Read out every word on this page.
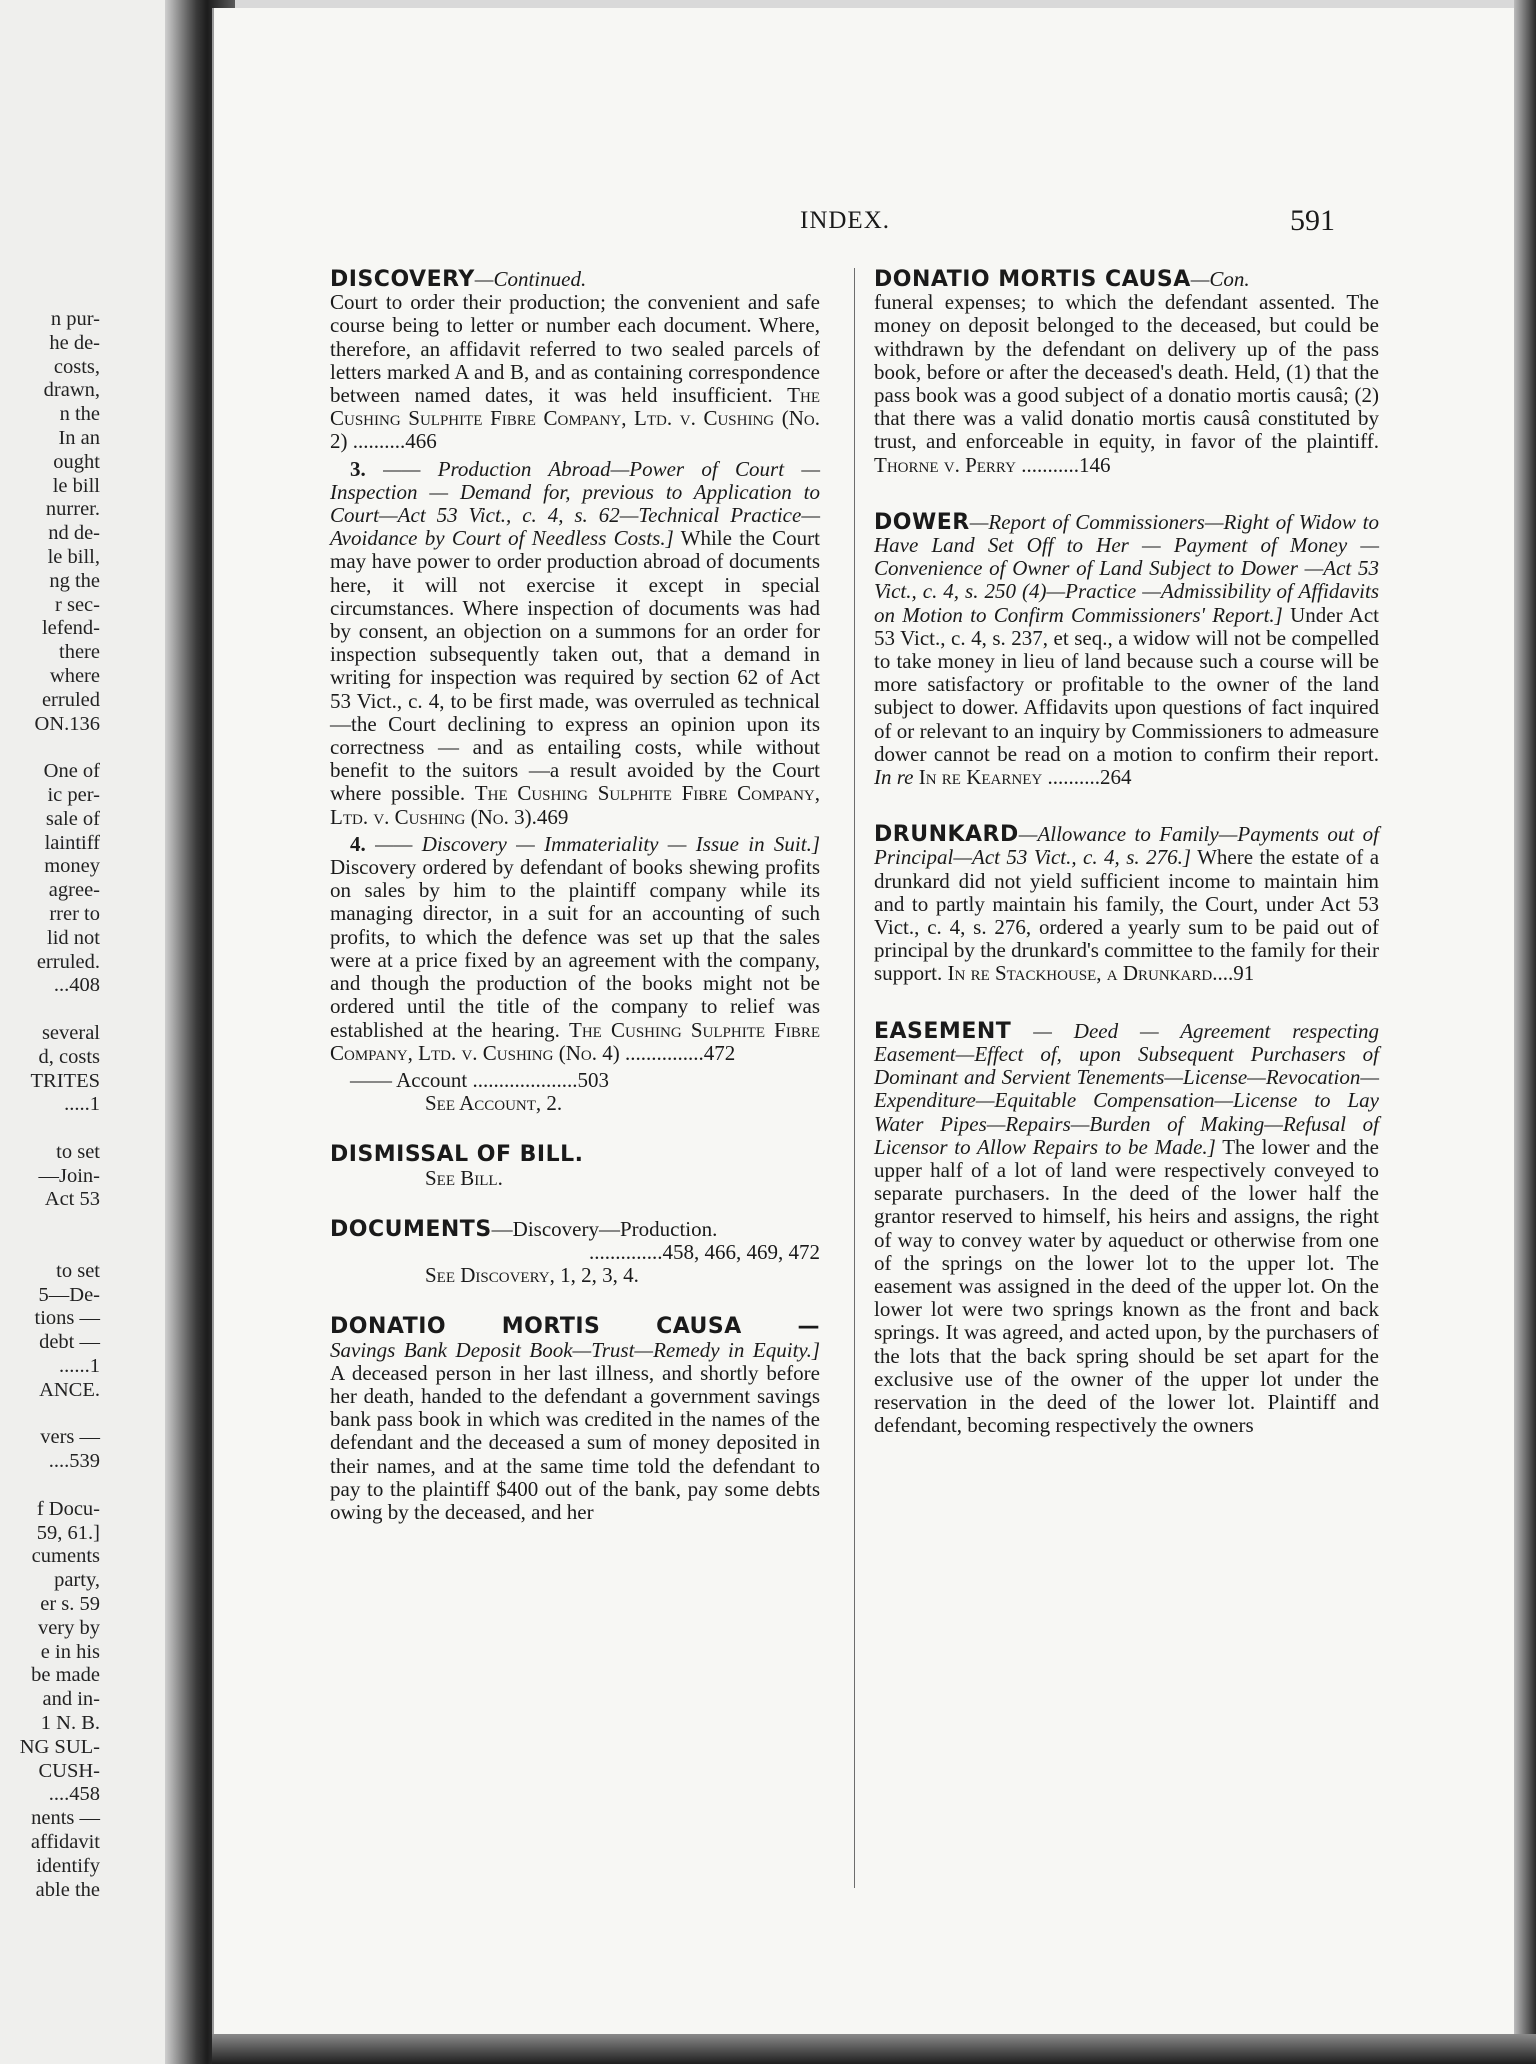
n pur-
he de-
costs,
drawn,
n the
In an
ought
le bill
nurrer.
nd de-
le bill,
ng the
r sec-
lefend-
there
where
erruled
ON.136

One of
ic per-
sale of
laintiff
money
agree-
rrer to
lid not
erruled.
...408

several
d, costs
TRITES
.....1

to set
—Join-
Act 53

to set
5—De-
tions —
debt —
......1
ANCE.

vers —
....539

f Docu-
59, 61.]
cuments
party,
er s. 59
very by
e in his
be made
and in-
1 N. B.
NG SUL-
CUSH-
....458
nents —
affidavit
identify
able the
INDEX.	591

DISCOVERY—Continued.

Court to order their production; the convenient and safe course being to letter or number each document. Where, therefore, an affidavit referred to two sealed parcels of letters marked A and B, and as containing correspondence between named dates, it was held insufficient. The Cushing Sulphite Fibre Company, Ltd. v. Cushing (No. 2) ..........466

3. —— Production Abroad—Power of Court — Inspection — Demand for, previous to Application to Court—Act 53 Vict., c. 4, s. 62—Technical Practice—Avoidance by Court of Needless Costs.] While the Court may have power to order production abroad of documents here, it will not exercise it except in special circumstances. Where inspection of documents was had by consent, an objection on a summons for an order for inspection subsequently taken out, that a demand in writing for inspection was required by section 62 of Act 53 Vict., c. 4, to be first made, was overruled as technical—the Court declining to express an opinion upon its correctness — and as entailing costs, while without benefit to the suitors —a result avoided by the Court where possible. The Cushing Sulphite Fibre Company, Ltd. v. Cushing (No. 3).469

4. —— Discovery — Immateriality — Issue in Suit.] Discovery ordered by defendant of books shewing profits on sales by him to the plaintiff company while its managing director, in a suit for an accounting of such profits, to which the defence was set up that the sales were at a price fixed by an agreement with the company, and though the production of the books might not be ordered until the title of the company to relief was established at the hearing. The Cushing Sulphite Fibre Company, Ltd. v. Cushing (No. 4) ...............472

—— Account ....................503

See Account, 2.

DISMISSAL OF BILL.

See Bill.

DOCUMENTS—Discovery—Production.

..............458, 466, 469, 472

See Discovery, 1, 2, 3, 4.

DONATIO MORTIS CAUSA —

Savings Bank Deposit Book—Trust—Remedy in Equity.] A deceased person in her last illness, and shortly before her death, handed to the defendant a government savings bank pass book in which was credited in the names of the defendant and the deceased a sum of money deposited in their names, and at the same time told the defendant to pay to the plaintiff $400 out of the bank, pay some debts owing by the deceased, and her

DONATIO MORTIS CAUSA—Con.

funeral expenses; to which the defendant assented. The money on deposit belonged to the deceased, but could be withdrawn by the defendant on delivery up of the pass book, before or after the deceased's death. Held, (1) that the pass book was a good subject of a donatio mortis causâ; (2) that there was a valid donatio mortis causâ constituted by trust, and enforceable in equity, in favor of the plaintiff. Thorne v. Perry ...........146

DOWER—Report of Commissioners—Right of Widow to Have Land Set Off to Her — Payment of Money — Convenience of Owner of Land Subject to Dower —Act 53 Vict., c. 4, s. 250 (4)—Practice —Admissibility of Affidavits on Motion to Confirm Commissioners' Report.] Under Act 53 Vict., c. 4, s. 237, et seq., a widow will not be compelled to take money in lieu of land because such a course will be more satisfactory or profitable to the owner of the land subject to dower. Affidavits upon questions of fact inquired of or relevant to an inquiry by Commissioners to admeasure dower cannot be read on a motion to confirm their report. In re In re Kearney ..........264

DRUNKARD—Allowance to Family—Payments out of Principal—Act 53 Vict., c. 4, s. 276.] Where the estate of a drunkard did not yield sufficient income to maintain him and to partly maintain his family, the Court, under Act 53 Vict., c. 4, s. 276, ordered a yearly sum to be paid out of principal by the drunkard's committee to the family for their support. In re Stackhouse, a Drunkard....91

EASEMENT — Deed — Agreement respecting Easement—Effect of, upon Subsequent Purchasers of Dominant and Servient Tenements—License—Revocation—Expenditure—Equitable Compensation—License to Lay Water Pipes—Repairs—Burden of Making—Refusal of Licensor to Allow Repairs to be Made.] The lower and the upper half of a lot of land were respectively conveyed to separate purchasers. In the deed of the lower half the grantor reserved to himself, his heirs and assigns, the right of way to convey water by aqueduct or otherwise from one of the springs on the lower lot to the upper lot. The easement was assigned in the deed of the upper lot. On the lower lot were two springs known as the front and back springs. It was agreed, and acted upon, by the purchasers of the lots that the back spring should be set apart for the exclusive use of the owner of the upper lot under the reservation in the deed of the lower lot. Plaintiff and defendant, becoming respectively the owners
